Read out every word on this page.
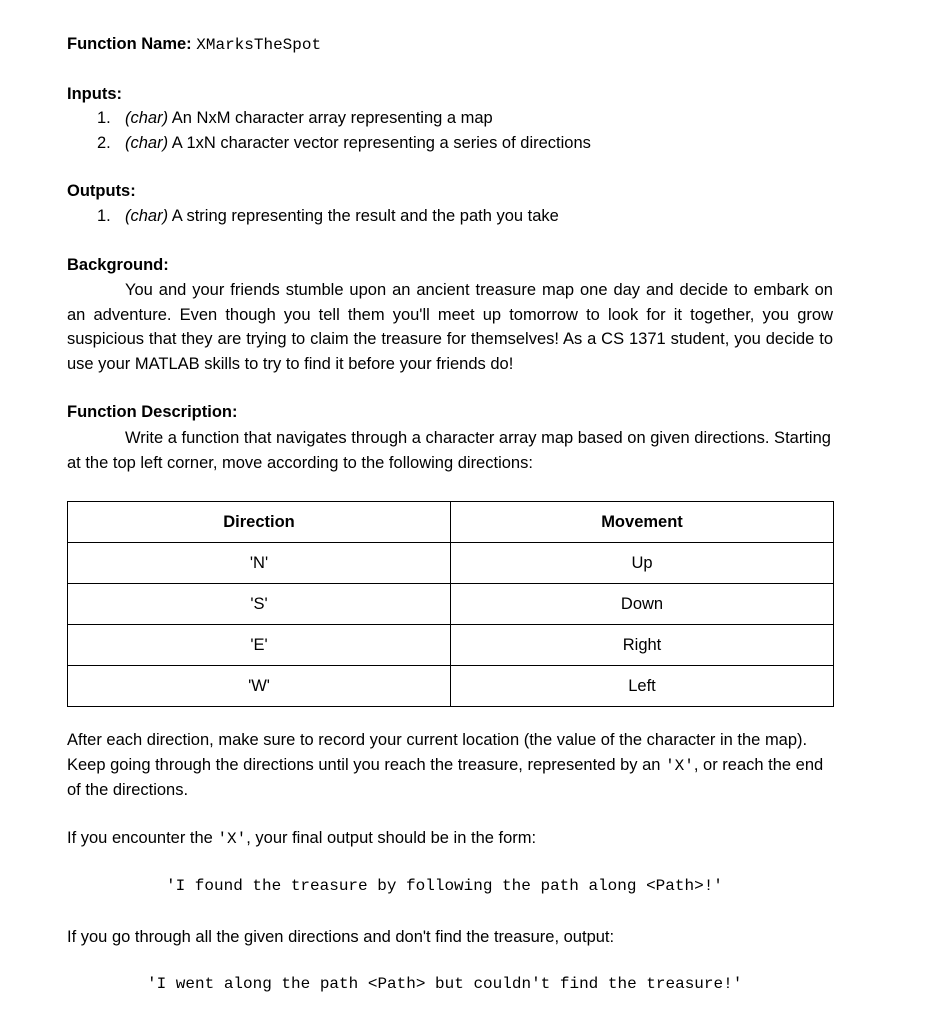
Function Name: XMarksTheSpot
Inputs:
1. (char) An NxM character array representing a map
2. (char) A 1xN character vector representing a series of directions
Outputs:
1. (char) A string representing the result and the path you take
Background:
You and your friends stumble upon an ancient treasure map one day and decide to embark on an adventure. Even though you tell them you'll meet up tomorrow to look for it together, you grow suspicious that they are trying to claim the treasure for themselves! As a CS 1371 student, you decide to use your MATLAB skills to try to find it before your friends do!
Function Description:
Write a function that navigates through a character array map based on given directions. Starting at the top left corner, move according to the following directions:
Direction	Movement
'N'	Up
'S'	Down
'E'	Right
'W'	Left
After each direction, make sure to record your current location (the value of the character in the map). Keep going through the directions until you reach the treasure, represented by an 'X', or reach the end of the directions.
If you encounter the 'X', your final output should be in the form:
'I found the treasure by following the path along <Path>!'
If you go through all the given directions and don't find the treasure, output:
'I went along the path <Path> but couldn't find the treasure!'
